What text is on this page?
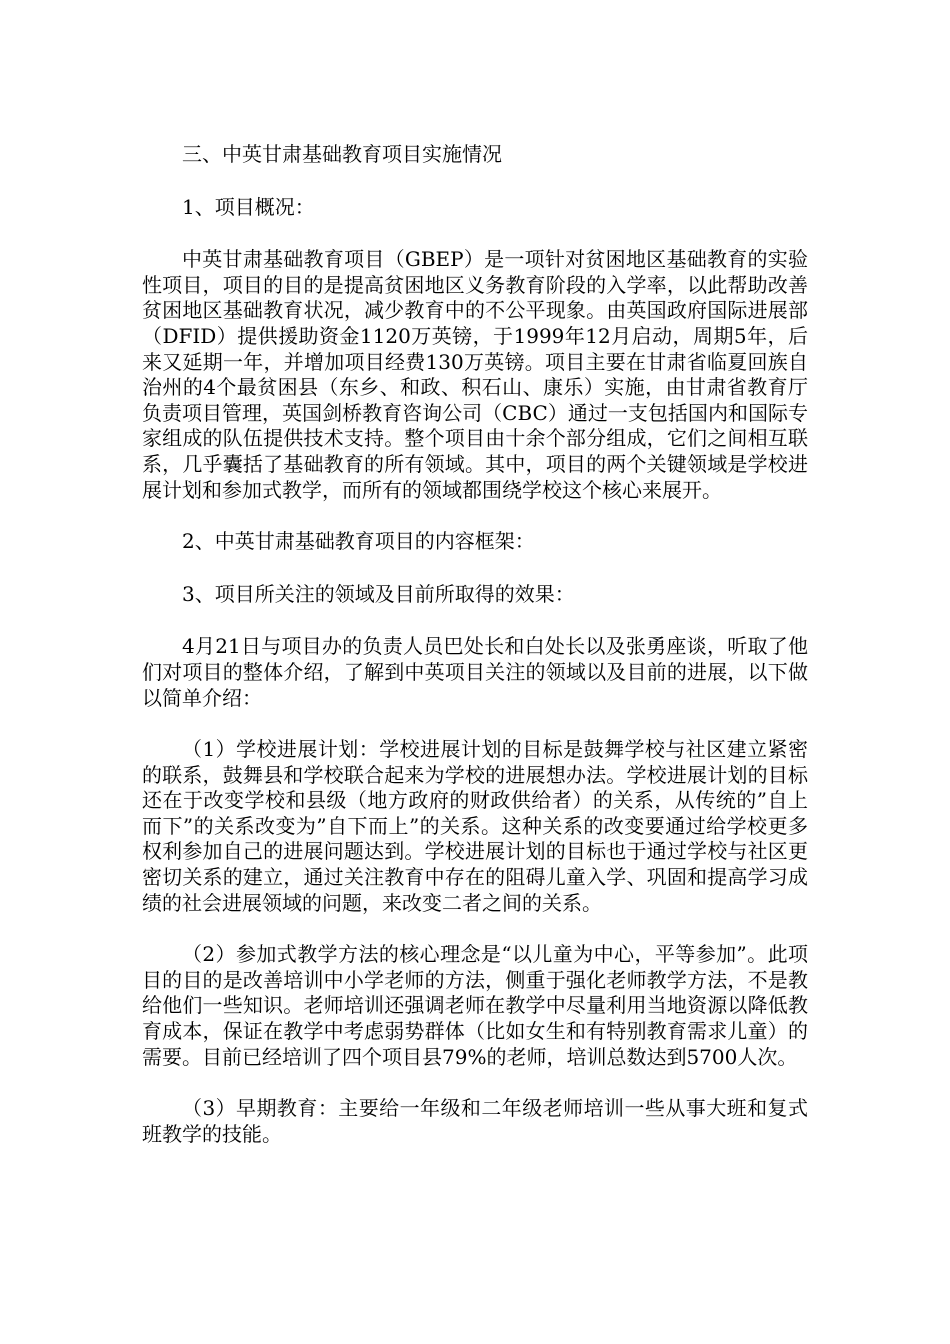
三、中英甘肃基础教育项目实施情况

1、项目概况：

中英甘肃基础教育项目（GBEP）是一项针对贫困地区基础教育的实验性项目，项目的目的是提高贫困地区义务教育阶段的入学率，以此帮助改善贫困地区基础教育状况，减少教育中的不公平现象。由英国政府国际进展部（DFID）提供援助资金1120万英镑，于1999年12月启动，周期5年，后来又延期一年，并增加项目经费130万英镑。项目主要在甘肃省临夏回族自治州的4个最贫困县（东乡、和政、积石山、康乐）实施，由甘肃省教育厅负责项目管理，英国剑桥教育咨询公司（CBC）通过一支包括国内和国际专家组成的队伍提供技术支持。整个项目由十余个部分组成，它们之间相互联系，几乎囊括了基础教育的所有领域。其中，项目的两个关键领域是学校进展计划和参加式教学，而所有的领域都围绕学校这个核心来展开。

2、中英甘肃基础教育项目的内容框架：

3、项目所关注的领域及目前所取得的效果：

4月21日与项目办的负责人员巴处长和白处长以及张勇座谈，听取了他们对项目的整体介绍，了解到中英项目关注的领域以及目前的进展，以下做以简单介绍：

（1）学校进展计划：学校进展计划的目标是鼓舞学校与社区建立紧密的联系，鼓舞县和学校联合起来为学校的进展想办法。学校进展计划的目标还在于改变学校和县级（地方政府的财政供给者）的关系，从传统的”自上而下”的关系改变为”自下而上”的关系。这种关系的改变要通过给学校更多权利参加自己的进展问题达到。学校进展计划的目标也于通过学校与社区更密切关系的建立，通过关注教育中存在的阻碍儿童入学、巩固和提高学习成绩的社会进展领域的问题，来改变二者之间的关系。

（2）参加式教学方法的核心理念是“以儿童为中心，平等参加”。此项目的目的是改善培训中小学老师的方法，侧重于强化老师教学方法，不是教给他们一些知识。老师培训还强调老师在教学中尽量利用当地资源以降低教育成本，保证在教学中考虑弱势群体（比如女生和有特别教育需求儿童）的需要。目前已经培训了四个项目县79%的老师，培训总数达到5700人次。

（3）早期教育：主要给一年级和二年级老师培训一些从事大班和复式班教学的技能。
